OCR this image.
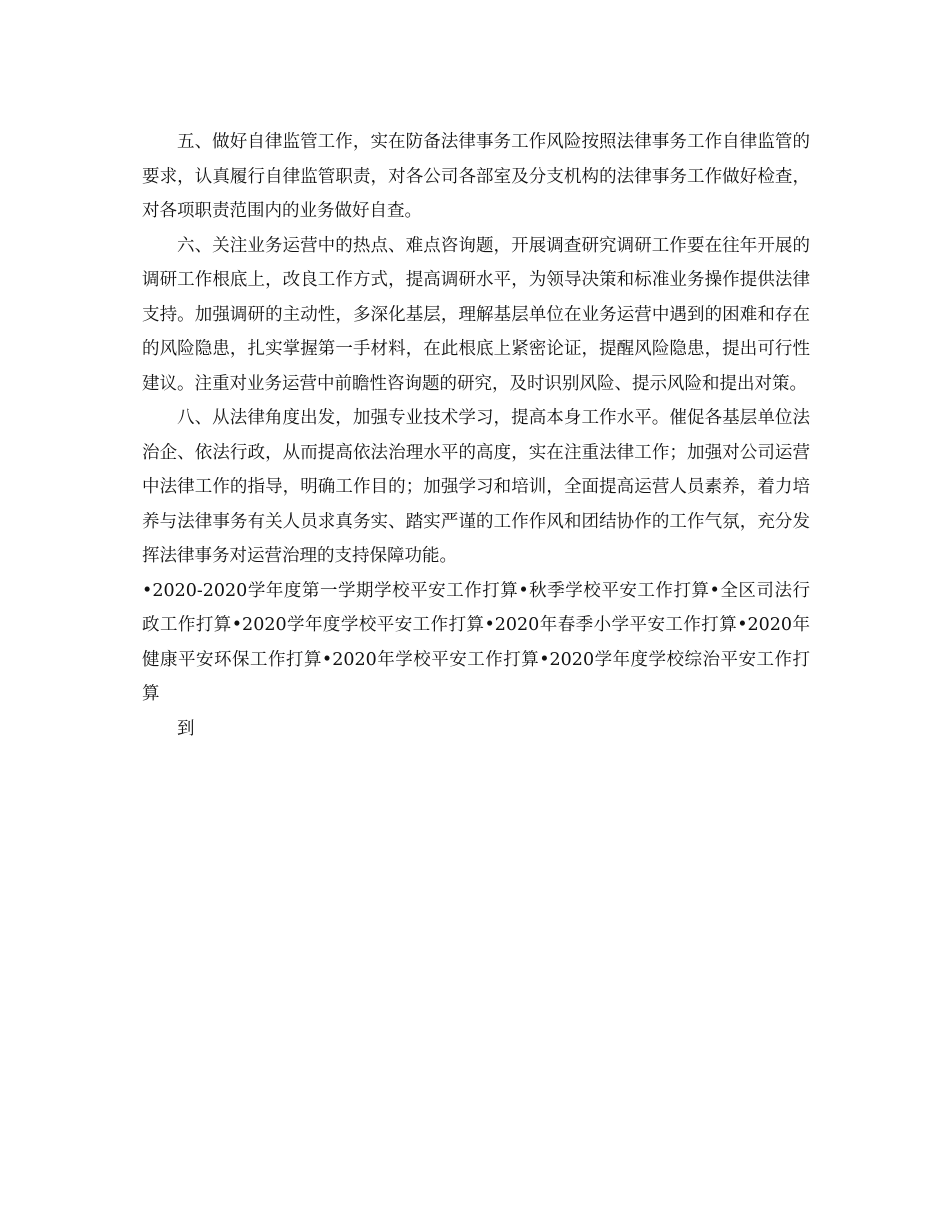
五、做好自律监管工作，实在防备法律事务工作风险按照法律事务工作自律监管的要求，认真履行自律监管职责，对各公司各部室及分支机构的法律事务工作做好检查，对各项职责范围内的业务做好自查。

六、关注业务运营中的热点、难点咨询题，开展调查研究调研工作要在往年开展的调研工作根底上，改良工作方式，提高调研水平，为领导决策和标准业务操作提供法律支持。加强调研的主动性，多深化基层，理解基层单位在业务运营中遇到的困难和存在的风险隐患，扎实掌握第一手材料，在此根底上紧密论证，提醒风险隐患，提出可行性建议。注重对业务运营中前瞻性咨询题的研究，及时识别风险、提示风险和提出对策。

八、从法律角度出发，加强专业技术学习，提高本身工作水平。催促各基层单位法治企、依法行政，从而提高依法治理水平的高度，实在注重法律工作；加强对公司运营中法律工作的指导，明确工作目的；加强学习和培训，全面提高运营人员素养，着力培养与法律事务有关人员求真务实、踏实严谨的工作作风和团结协作的工作气氛，充分发挥法律事务对运营治理的支持保障功能。

•2020-2020学年度第一学期学校平安工作打算•秋季学校平安工作打算•全区司法行政工作打算•2020学年度学校平安工作打算•2020年春季小学平安工作打算•2020年健康平安环保工作打算•2020年学校平安工作打算•2020学年度学校综治平安工作打算

到
